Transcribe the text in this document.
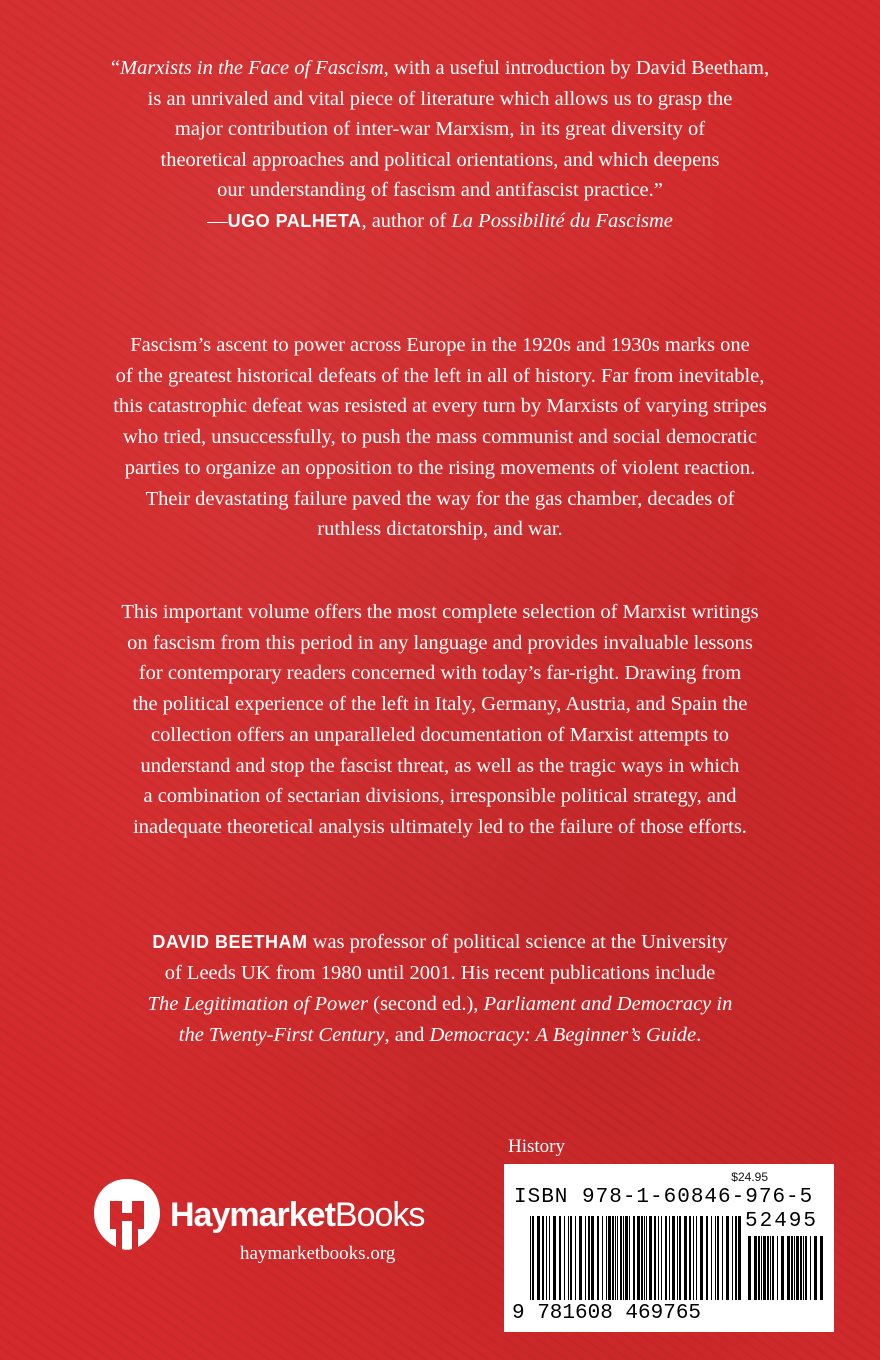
“Marxists in the Face of Fascism, with a useful introduction by David Beetham,
is an unrivaled and vital piece of literature which allows us to grasp the
major contribution of inter-war Marxism, in its great diversity of
theoretical approaches and political orientations, and which deepens
our understanding of fascism and antifascist practice.”
—UGO PALHETA, author of La Possibilité du Fascisme
Fascism’s ascent to power across Europe in the 1920s and 1930s marks one
of the greatest historical defeats of the left in all of history. Far from inevitable,
this catastrophic defeat was resisted at every turn by Marxists of varying stripes
who tried, unsuccessfully, to push the mass communist and social democratic
parties to organize an opposition to the rising movements of violent reaction.
Their devastating failure paved the way for the gas chamber, decades of
ruthless dictatorship, and war.
This important volume offers the most complete selection of Marxist writings
on fascism from this period in any language and provides invaluable lessons
for contemporary readers concerned with today’s far-right. Drawing from
the political experience of the left in Italy, Germany, Austria, and Spain the
collection offers an unparalleled documentation of Marxist attempts to
understand and stop the fascist threat, as well as the tragic ways in which
a combination of sectarian divisions, irresponsible political strategy, and
inadequate theoretical analysis ultimately led to the failure of those efforts.
DAVID BEETHAM was professor of political science at the University
of Leeds UK from 1980 until 2001. His recent publications include
The Legitimation of Power (second ed.), Parliament and Democracy in
the Twenty-First Century, and Democracy: A Beginner’s Guide.
History
$24.95
ISBN 978-1-60846-976-5
52495
9 781608 469765
HaymarketBooks
haymarketbooks.org
